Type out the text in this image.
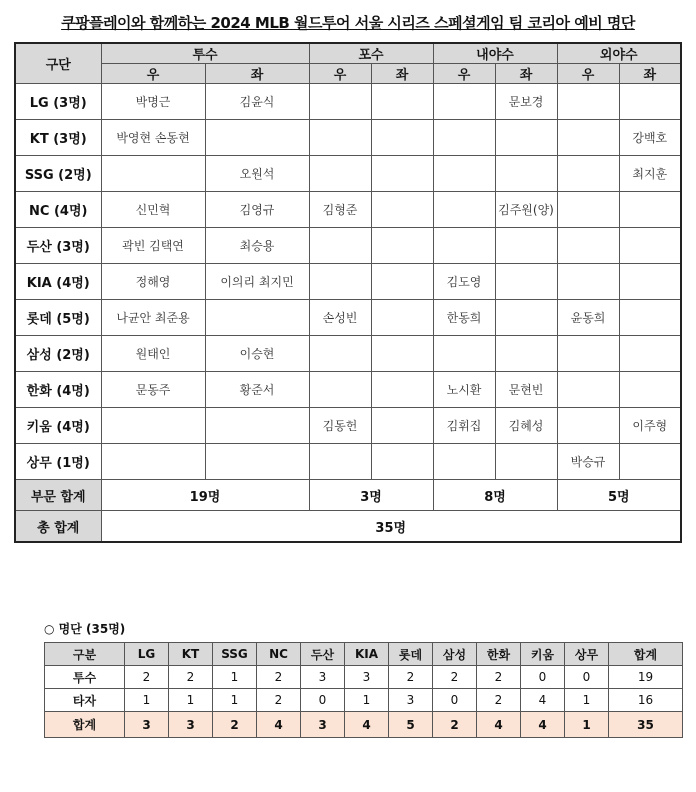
쿠팡플레이와 함께하는 2024 MLB 월드투어 서울 시리즈 스페셜게임 팀 코리아 예비 명단
구단	투수		포수		내야수		외야수	
	우	좌	우	좌	우	좌	우	좌
LG (3명)	박명근	김윤식				문보경		
KT (3명)	박영현 손동현							강백호
SSG (2명)		오원석						최지훈
NC (4명)	신민혁	김영규	김형준			김주원(양)		
두산 (3명)	곽빈 김택연	최승용						
KIA (4명)	정해영	이의리 최지민			김도영			
롯데 (5명)	나균안 최준용		손성빈		한동희		윤동희	
삼성 (2명)	원태인	이승현						
한화 (4명)	문동주	황준서			노시환	문현빈		
키움 (4명)			김동헌		김휘집	김혜성		이주형
상무 (1명)							박승규	
부문 합계	19명		3명		8명		5명	
총 합계	35명							
○ 명단 (35명)
구분	LG	KT	SSG	NC	두산	KIA	롯데	삼성	한화	키움	상무	합계
투수	2	2	1	2	3	3	2	2	2	0	0	19
타자	1	1	1	2	0	1	3	0	2	4	1	16
합계	3	3	2	4	3	4	5	2	4	4	1	35
